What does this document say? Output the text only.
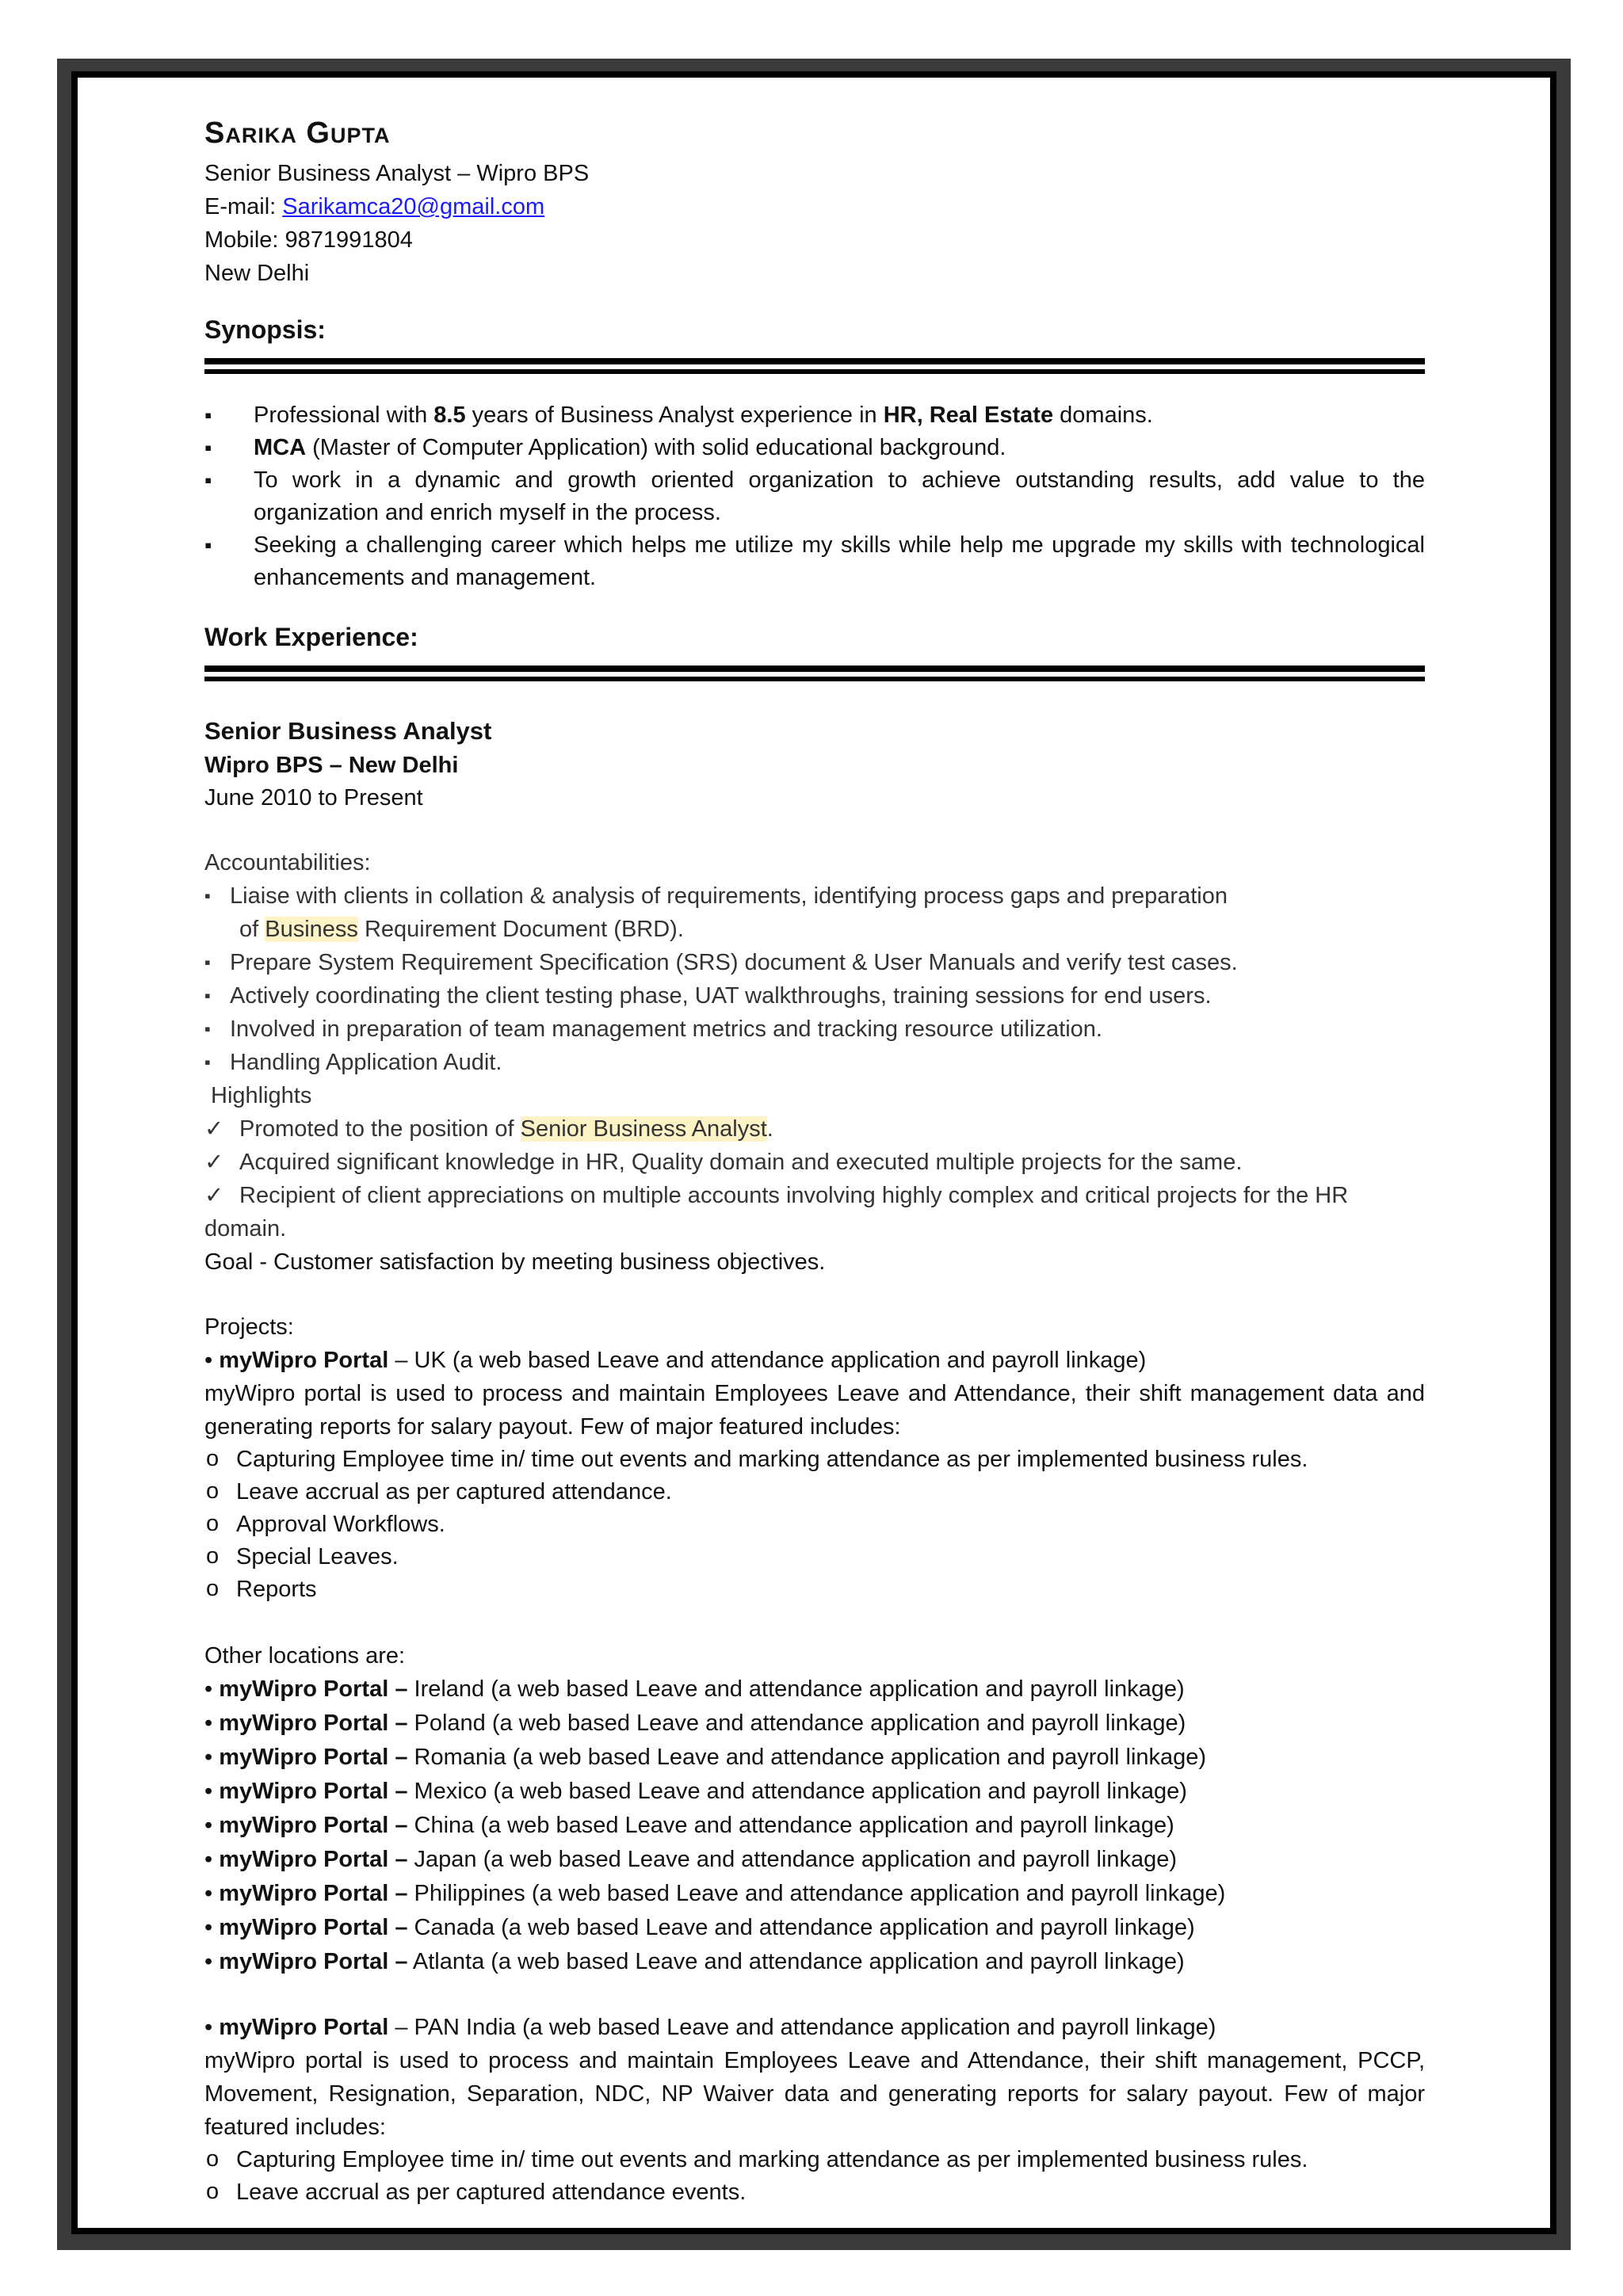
Sarika Gupta
Senior Business Analyst – Wipro BPS
E-mail: Sarikamca20@gmail.com
Mobile: 9871991804
New Delhi
Synopsis:
▪ Professional with 8.5 years of Business Analyst experience in HR, Real Estate domains.
▪ MCA (Master of Computer Application) with solid educational background.
▪ To work in a dynamic and growth oriented organization to achieve outstanding results, add value to the organization and enrich myself in the process.
▪ Seeking a challenging career which helps me utilize my skills while help me upgrade my skills with technological enhancements and management.
Work Experience:
Senior Business Analyst
Wipro BPS – New Delhi
June 2010 to Present
Accountabilities:
▪ Liaise with clients in collation & analysis of requirements, identifying process gaps and preparation
of Business Requirement Document (BRD).
▪ Prepare System Requirement Specification (SRS) document & User Manuals and verify test cases.
▪ Actively coordinating the client testing phase, UAT walkthroughs, training sessions for end users.
▪ Involved in preparation of team management metrics and tracking resource utilization.
▪ Handling Application Audit.
Highlights
✓ Promoted to the position of Senior Business Analyst.
✓ Acquired significant knowledge in HR, Quality domain and executed multiple projects for the same.
✓ Recipient of client appreciations on multiple accounts involving highly complex and critical projects for the HR
domain.
Goal - Customer satisfaction by meeting business objectives.
Projects:
• myWipro Portal – UK (a web based Leave and attendance application and payroll linkage)
myWipro portal is used to process and maintain Employees Leave and Attendance, their shift management data and generating reports for salary payout. Few of major featured includes:
o Capturing Employee time in/ time out events and marking attendance as per implemented business rules.
o Leave accrual as per captured attendance.
o Approval Workflows.
o Special Leaves.
o Reports
Other locations are:
• myWipro Portal – Ireland (a web based Leave and attendance application and payroll linkage)
• myWipro Portal – Poland (a web based Leave and attendance application and payroll linkage)
• myWipro Portal – Romania (a web based Leave and attendance application and payroll linkage)
• myWipro Portal – Mexico (a web based Leave and attendance application and payroll linkage)
• myWipro Portal – China (a web based Leave and attendance application and payroll linkage)
• myWipro Portal – Japan (a web based Leave and attendance application and payroll linkage)
• myWipro Portal – Philippines (a web based Leave and attendance application and payroll linkage)
• myWipro Portal – Canada (a web based Leave and attendance application and payroll linkage)
• myWipro Portal – Atlanta (a web based Leave and attendance application and payroll linkage)
• myWipro Portal – PAN India (a web based Leave and attendance application and payroll linkage)
myWipro portal is used to process and maintain Employees Leave and Attendance, their shift management, PCCP, Movement, Resignation, Separation, NDC, NP Waiver data and generating reports for salary payout. Few of major featured includes:
o Capturing Employee time in/ time out events and marking attendance as per implemented business rules.
o Leave accrual as per captured attendance events.
